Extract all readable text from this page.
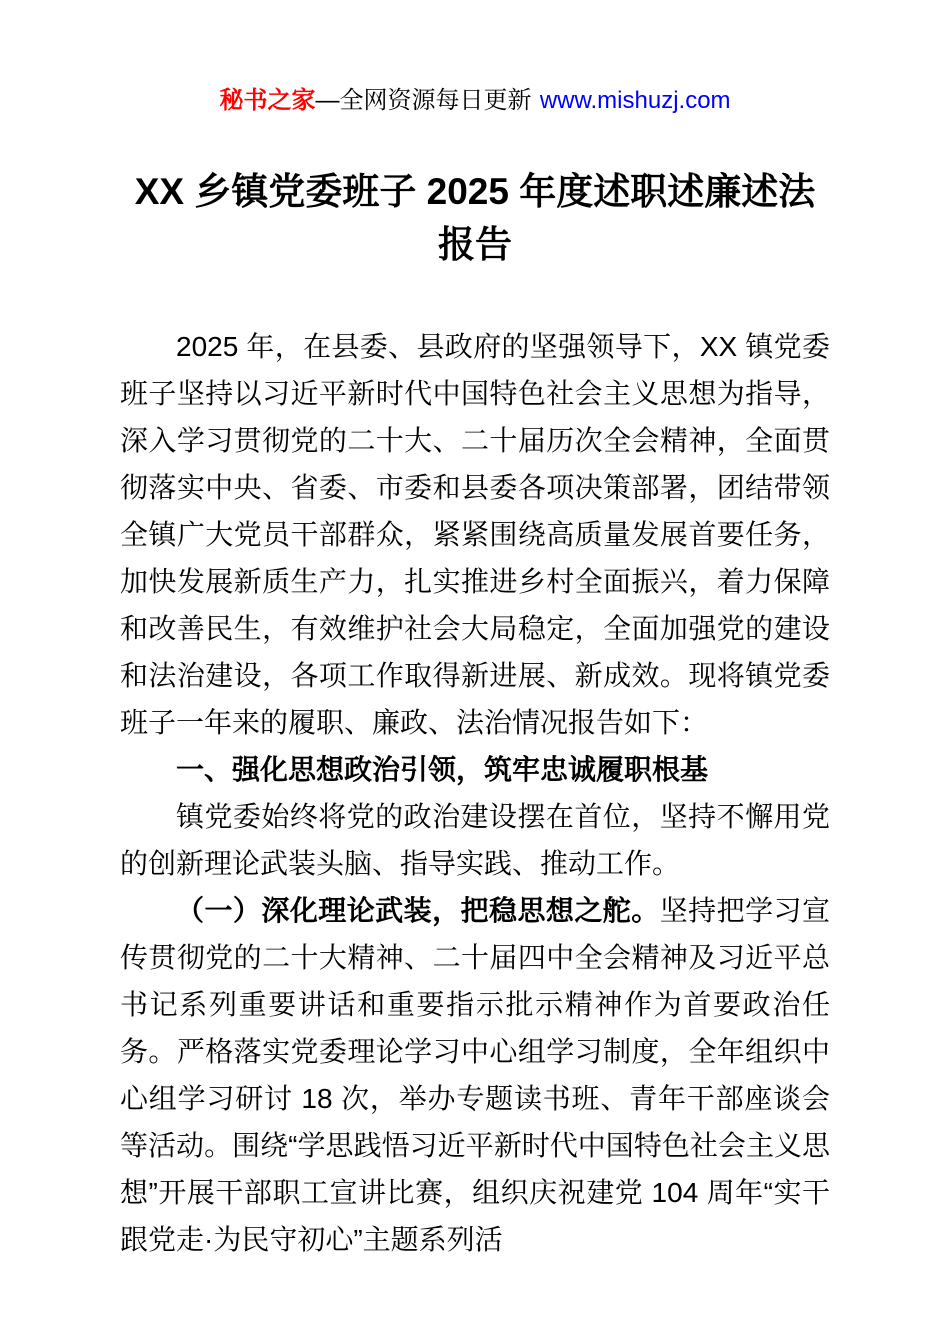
秘书之家—全网资源每日更新 www.mishuzj.com
XX 乡镇党委班子 2025 年度述职述廉述法报告

2025 年，在县委、县政府的坚强领导下，XX 镇党委班子坚持以习近平新时代中国特色社会主义思想为指导，深入学习贯彻党的二十大、二十届历次全会精神，全面贯彻落实中央、省委、市委和县委各项决策部署，团结带领全镇广大党员干部群众，紧紧围绕高质量发展首要任务，加快发展新质生产力，扎实推进乡村全面振兴，着力保障和改善民生，有效维护社会大局稳定，全面加强党的建设和法治建设，各项工作取得新进展、新成效。现将镇党委班子一年来的履职、廉政、法治情况报告如下：

一、强化思想政治引领，筑牢忠诚履职根基

镇党委始终将党的政治建设摆在首位，坚持不懈用党的创新理论武装头脑、指导实践、推动工作。

（一）深化理论武装，把稳思想之舵。坚持把学习宣传贯彻党的二十大精神、二十届四中全会精神及习近平总书记系列重要讲话和重要指示批示精神作为首要政治任务。严格落实党委理论学习中心组学习制度，全年组织中心组学习研讨 18 次，举办专题读书班、青年干部座谈会等活动。围绕“学思践悟习近平新时代中国特色社会主义思想”开展干部职工宣讲比赛，组织庆祝建党 104 周年“实干跟党走·为民守初心”主题系列活
